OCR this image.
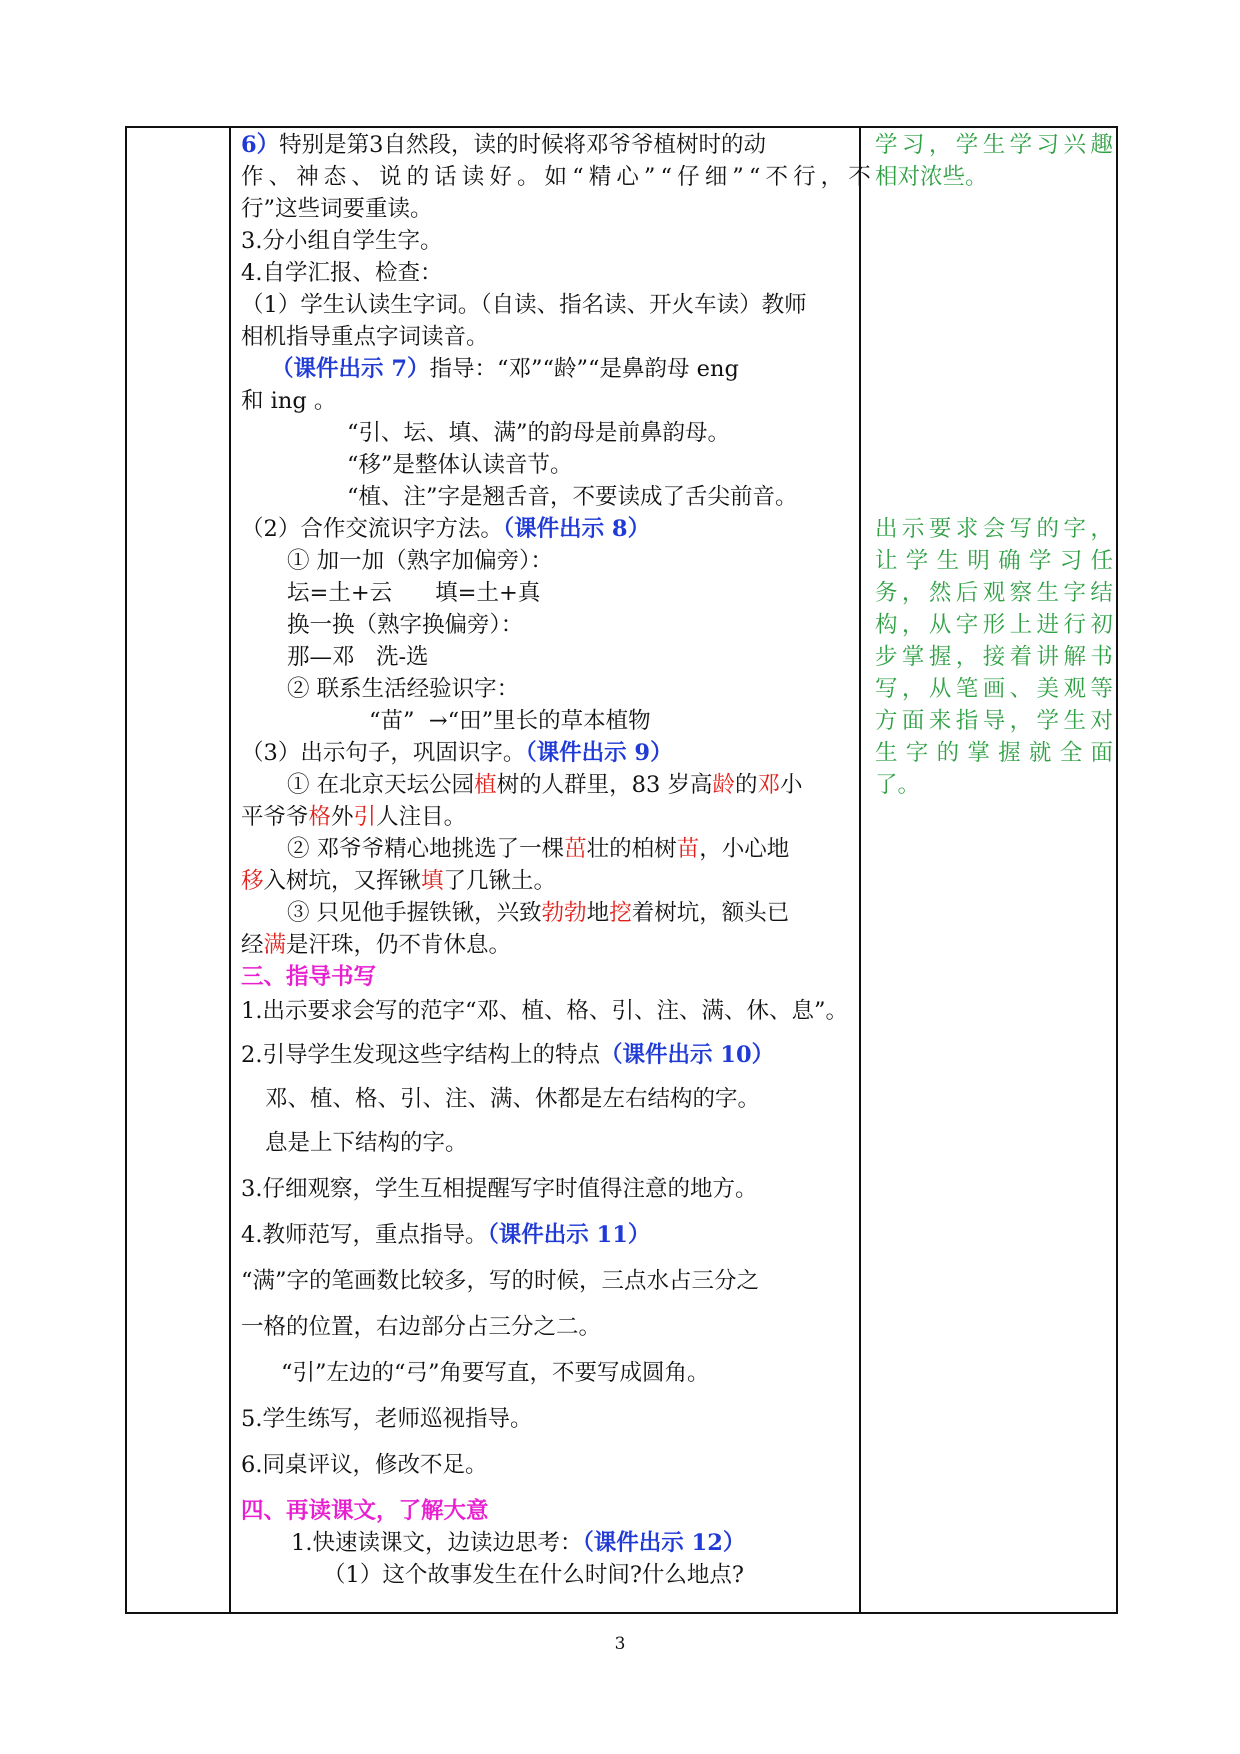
6）特别是第3自然段，读的时候将邓爷爷植树时的动
作 、 神 态 、 说 的 话 读 好 。 如 “ 精 心 ” “ 仔 细 ” “ 不 行 ， 不
行”这些词要重读。
3.分小组自学生字。
4.自学汇报、检查：
（1）学生认读生字词。（自读、指名读、开火车读）教师
相机指导重点字词读音。
（课件出示 7）指导：“邓”“龄”“是鼻韵母 eng
和 ing 。
“引、坛、填、满”的韵母是前鼻韵母。
“移”是整体认读音节。
“植、注”字是翘舌音，不要读成了舌尖前音。
（2）合作交流识字方法。（课件出示 8）
① 加一加（熟字加偏旁）：
坛=土+云      填=土+真
换一换（熟字换偏旁）：
那—邓   洗-选
② 联系生活经验识字：
“苗”  →“田”里长的草本植物
（3）出示句子，巩固识字。（课件出示 9）
① 在北京天坛公园植树的人群里，83 岁高龄的邓小
平爷爷格外引人注目。
② 邓爷爷精心地挑选了一棵茁壮的柏树苗，小心地
移入树坑，又挥锹填了几锹土。
③ 只见他手握铁锹，兴致勃勃地挖着树坑，额头已
经满是汗珠，仍不肯休息。
三、指导书写
1.出示要求会写的范字“邓、植、格、引、注、满、休、息”。
2.引导学生发现这些字结构上的特点（课件出示 10）
邓、植、格、引、注、满、休都是左右结构的字。
息是上下结构的字。
3.仔细观察，学生互相提醒写字时值得注意的地方。
4.教师范写，重点指导。（课件出示 11）
“满”字的笔画数比较多，写的时候，三点水占三分之
一格的位置，右边部分占三分之二。
“引”左边的“弓”角要写直，不要写成圆角。
5.学生练写，老师巡视指导。
6.同桌评议，修改不足。
四、再读课文，了解大意
1.快速读课文，边读边思考：（课件出示 12）
（1）这个故事发生在什么时间?什么地点?
学 习 ， 学 生 学 习 兴 趣
相对浓些。
出 示 要 求 会 写 的 字 ，
让 学 生 明 确 学 习 任
务 ， 然 后 观 察 生 字 结
构 ， 从 字 形 上 进 行 初
步 掌 握 ， 接 着 讲 解 书
写 ， 从 笔 画 、 美 观 等
方 面 来 指 导 ， 学 生 对
生 字 的 掌 握 就 全 面
了。
3
